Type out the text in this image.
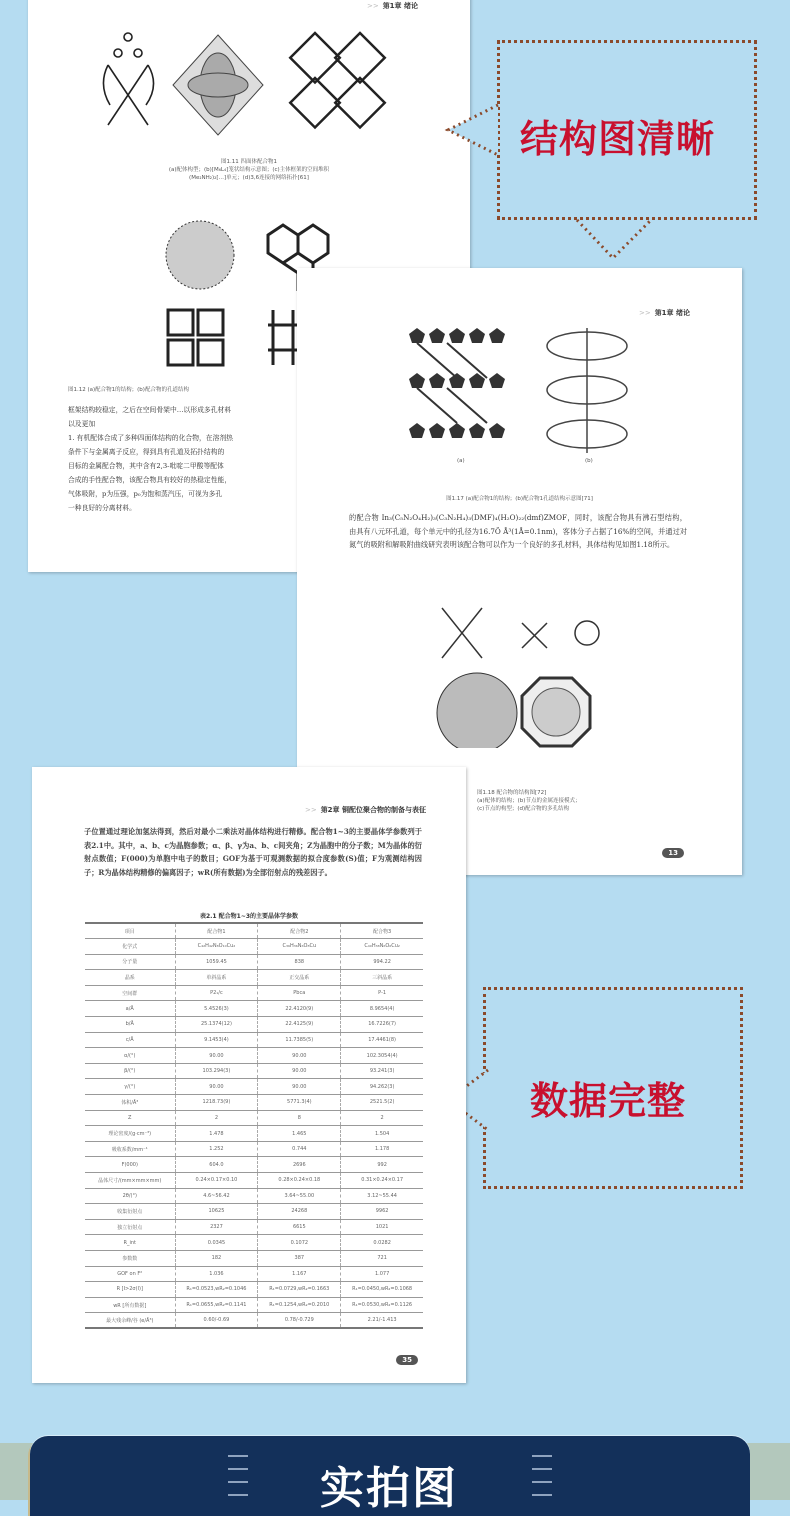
>> 第1章 绪论
图1.11 四面体配合物1
(a)配体构型；(b)[M₆L₄]笼状结构示意图；(c)主体框架的空间堆积
(Me₂NH₂)₂[…]单元；(d)3,6连接的网络拓扑[61]
图1.12 (a)配合物1的结构；(b)配合物的孔道结构
框架结构较稳定，之后在空间骨架中…以形成多孔材料
以及更加
1. 有机配体合成了多种四面体结构的化合物，在溶剂热
条件下与金属离子反应，得到具有孔道及拓扑结构的
目标的金属配合物，其中含有2,3-吡啶二甲酸等配体
合成的手性配合物，该配合物具有较好的热稳定性能，
气体吸附，p为压强，p₀为饱和蒸汽压，可视为多孔
一种良好的分离材料。
结构图清晰
>> 第1章 绪论
(a)	(b)
图1.17 (a)配合物1的结构；(b)配合物1孔道结构示意图[71]
的配合物 In₃(C₅N₂O₄H₂)₃(C₃N₂H₄)₃(DMF)₄(H₂O)₂₂(dmf)ZMOF，同时，该配合物具有沸石型结构，由具有八元环孔道，每个单元中的孔径为16.7Ö Å³(1Å=0.1nm)，客体分子占据了16%的空间，并通过对氮气的吸附和解吸附曲线研究表明该配合物可以作为一个良好的多孔材料，具体结构见如图1.18所示。
图1.18 配合物的结构图[72]
(a)配体的结构；(b)节点的金属连接模式；
(c)节点的构型；(d)配合物的多孔结构
13
数据完整
>> 第2章 铜配位聚合物的制备与表征
子位置通过理论加氢法得到，然后对最小二乘法对晶体结构进行精修。配合物1~3的主要晶体学参数列于表2.1中。其中，a、b、c为晶胞参数；α、β、γ为a、b、c间夹角；Z为晶胞中的分子数；M为晶体的衍射点数值；F(000)为单胞中电子的数目；GOF为基于可观测数据的拟合度参数(S)值；F为观测结构因子；R为晶体结构精修的偏离因子；wR(所有数据)为全部衍射点的残差因子。
表2.1 配合物1~3的主要晶体学参数
项目	配合物1	配合物2	配合物3
化学式	C₄₂H₄₂N₈O₁₀Cu₂	C₃₆H₃₆N₆O₈Cu	C₄₀H₃₈N₆O₆Cu₂
分子量	1059.45	838	994.22
晶系	单斜晶系	正交晶系	三斜晶系
空间群	P2₁/c	Pbca	P-1
a/Å	5.4526(3)	22.4120(9)	8.9654(4)
b/Å	25.1374(12)	22.4125(9)	16.7226(7)
c/Å	9.1453(4)	11.7385(5)	17.4461(8)
α/(°)	90.00	90.00	102.3054(4)
β/(°)	103.294(3)	90.00	93.241(3)
γ/(°)	90.00	90.00	94.262(3)
体积/Å³	1218.73(9)	5771.3(4)	2521.5(2)
Z	2	8	2
理论密度/(g·cm⁻³)	1.478	1.465	1.504
吸收系数/mm⁻¹	1.252	0.744	1.178
F(000)	604.0	2696	992
晶体尺寸/(mm×mm×mm)	0.24×0.17×0.10	0.28×0.24×0.18	0.31×0.24×0.17
2θ/(°)	4.6~56.42	3.64~55.00	3.12~55.44
收集衍射点	10625	24268	9962
独立衍射点	2327	6615	1021
R_int	0.0345	0.1072	0.0282
参数数	182	387	721
GOF on F²	1.036	1.167	1.077
R [I>2σ(I)]	R₁=0.0523,wR₂=0.1046	R₁=0.0729,wR₂=0.1663	R₁=0.0450,wR₂=0.1068
wR [所有数据]	R₁=0.0655,wR₂=0.1141	R₁=0.1254,wR₂=0.2010	R₁=0.0530,wR₂=0.1126
最大残余峰/谷 (e/Å³)	0.60/-0.69	0.78/-0.729	2.21/-1.413
35
实拍图
